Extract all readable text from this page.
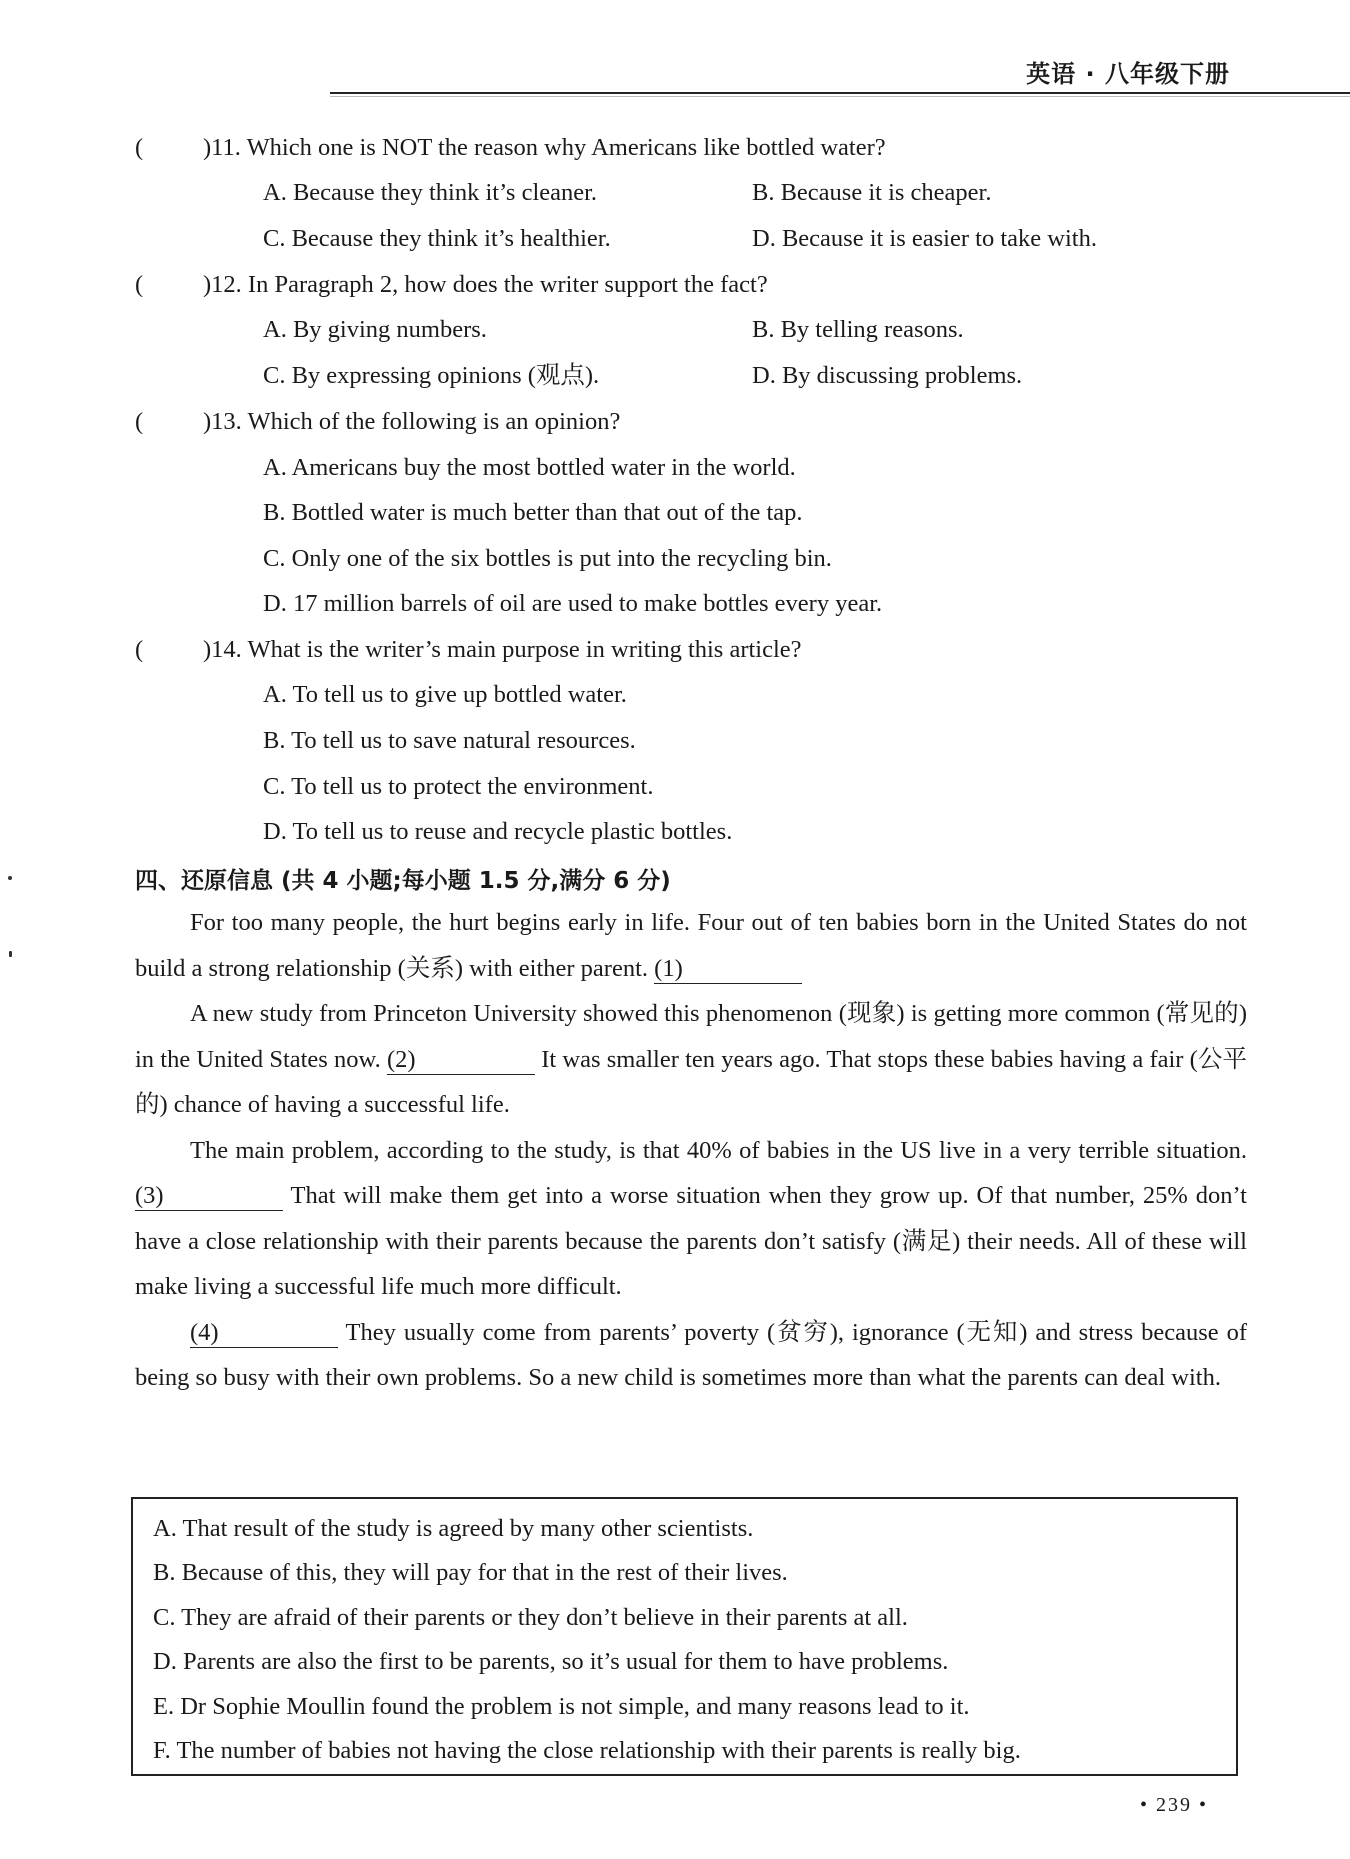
英语 · 八年级下册
( )11. Which one is NOT the reason why Americans like bottled water?
A. Because they think it’s cleaner.	B. Because it is cheaper.
C. Because they think it’s healthier.	D. Because it is easier to take with.
( )12. In Paragraph 2, how does the writer support the fact?
A. By giving numbers.	B. By telling reasons.
C. By expressing opinions (观点).	D. By discussing problems.
( )13. Which of the following is an opinion?
A. Americans buy the most bottled water in the world.
B. Bottled water is much better than that out of the tap.
C. Only one of the six bottles is put into the recycling bin.
D. 17 million barrels of oil are used to make bottles every year.
( )14. What is the writer’s main purpose in writing this article?
A. To tell us to give up bottled water.
B. To tell us to save natural resources.
C. To tell us to protect the environment.
D. To tell us to reuse and recycle plastic bottles.
四、还原信息 (共 4 小题;每小题 1.5 分,满分 6 分)

For too many people, the hurt begins early in life. Four out of ten babies born in the United States do not build a strong relationship (关系) with either parent. (1)

A new study from Princeton University showed this phenomenon (现象) is getting more common (常见的) in the United States now. (2)	It was smaller ten years ago. That stops these babies having a fair (公平的) chance of having a successful life.

The main problem, according to the study, is that 40% of babies in the US live in a very terrible situation. (3)	That will make them get into a worse situation when they grow up. Of that number, 25% don’t have a close relationship with their parents because the parents don’t satisfy (满足) their needs. All of these will make living a successful life much more difficult.

(4)	They usually come from parents’ poverty (贫穷), ignorance (无知) and stress because of being so busy with their own problems. So a new child is sometimes more than what the parents can deal with.

A. That result of the study is agreed by many other scientists.
B. Because of this, they will pay for that in the rest of their lives.
C. They are afraid of their parents or they don’t believe in their parents at all.
D. Parents are also the first to be parents, so it’s usual for them to have problems.
E. Dr Sophie Moullin found the problem is not simple, and many reasons lead to it.
F. The number of babies not having the close relationship with their parents is really big.
• 239 •
